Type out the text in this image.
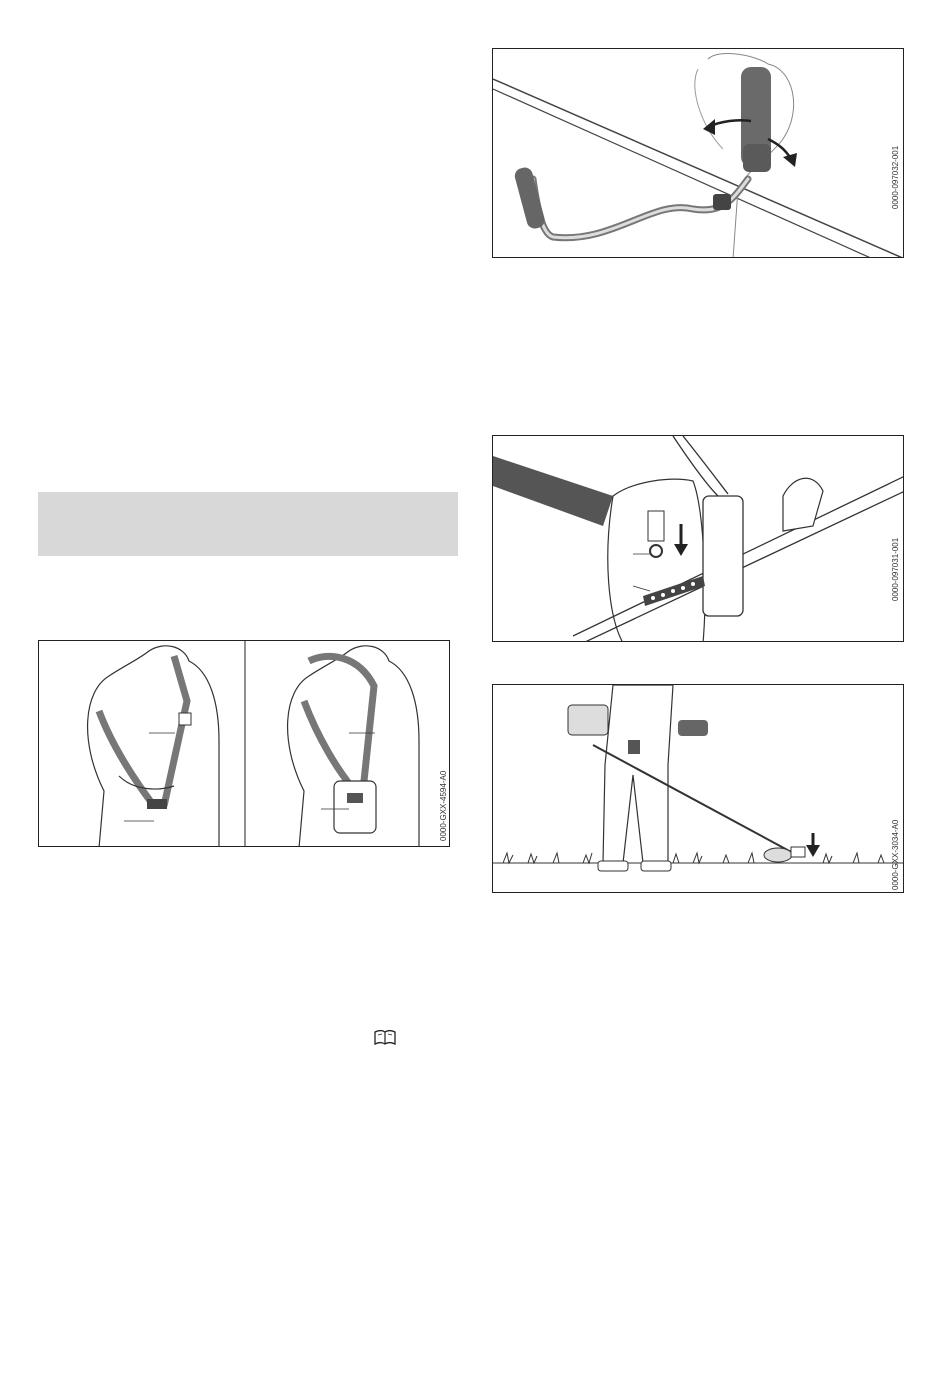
0000-097032-001
0000-097031-001
0000-GXX-4594-A0
0000-GXX-3034-A0
